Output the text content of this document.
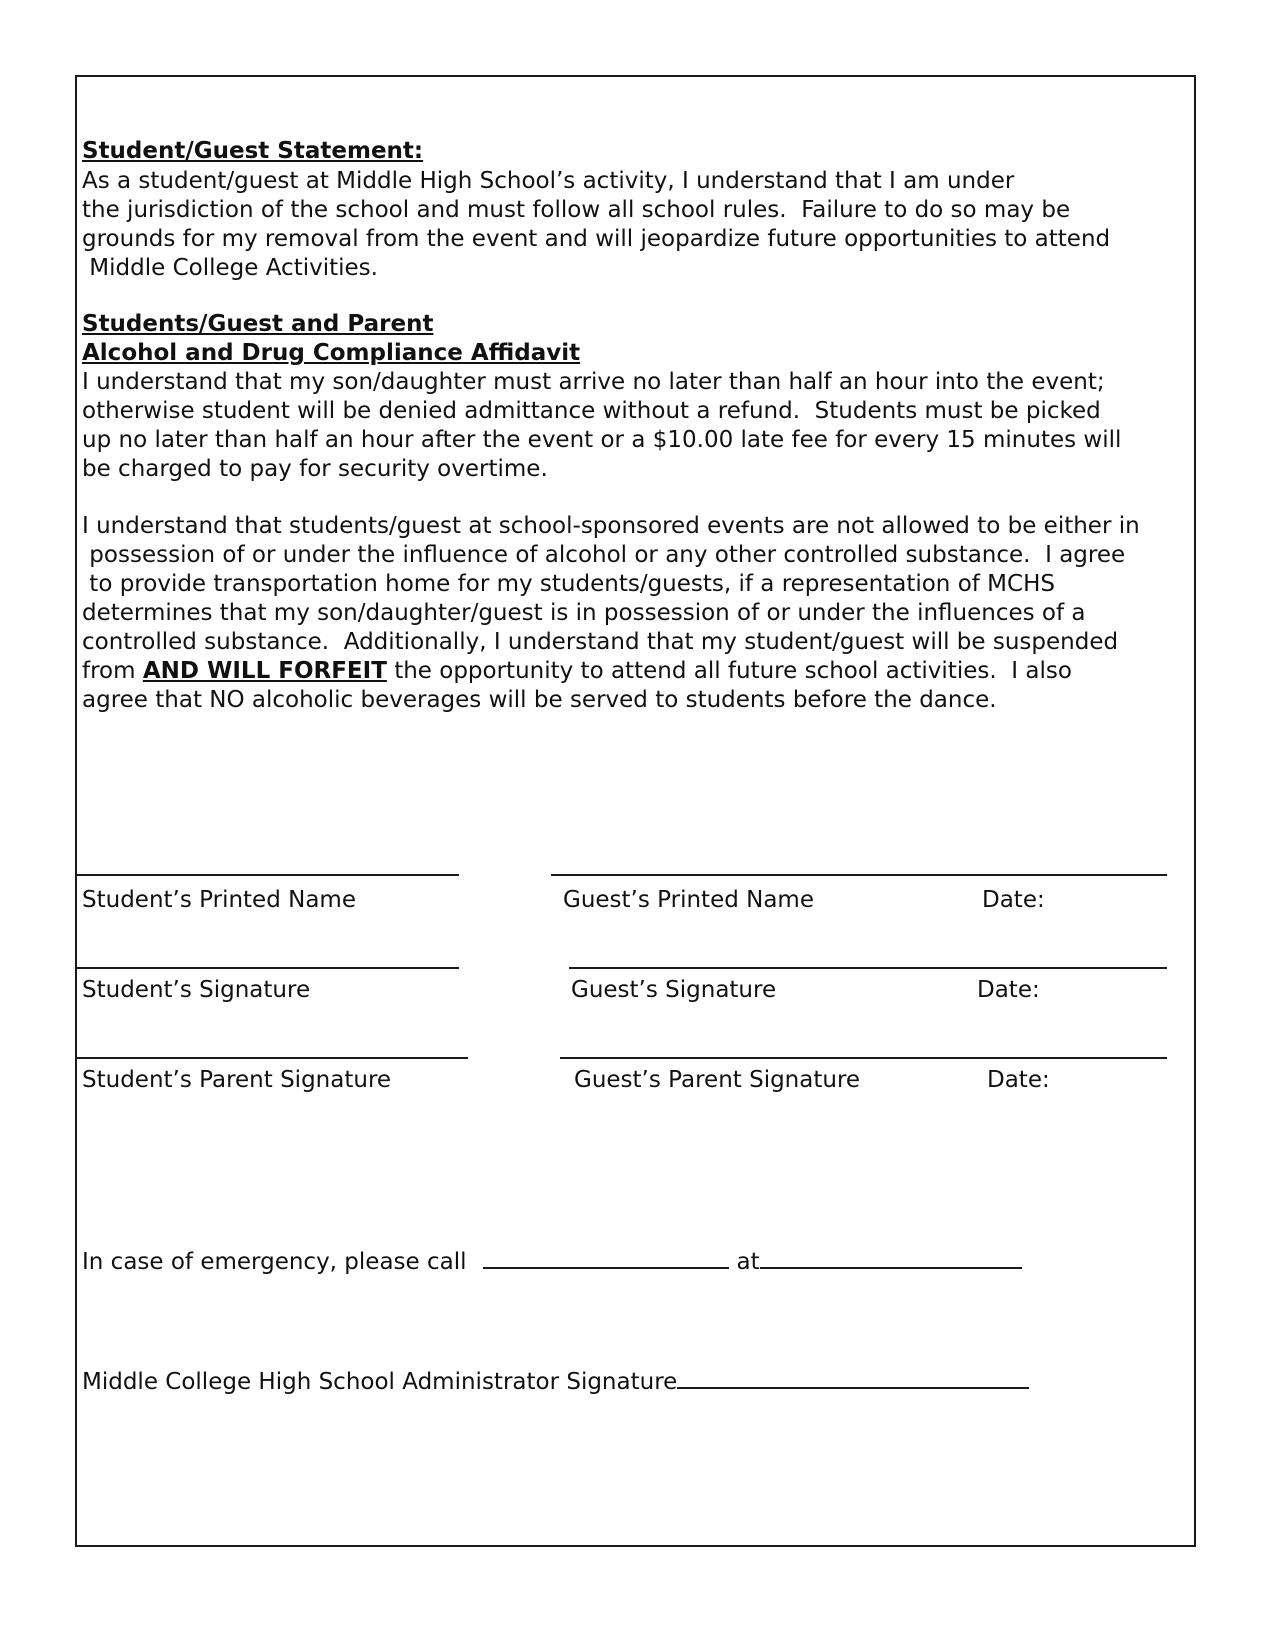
Student/Guest Statement:
As a student/guest at Middle High School’s activity, I understand that I am under
the jurisdiction of the school and must follow all school rules.  Failure to do so may be
grounds for my removal from the event and will jeopardize future opportunities to attend
Middle College Activities.
Students/Guest and Parent
Alcohol and Drug Compliance Affidavit
I understand that my son/daughter must arrive no later than half an hour into the event;
otherwise student will be denied admittance without a refund.  Students must be picked
up no later than half an hour after the event or a $10.00 late fee for every 15 minutes will
be charged to pay for security overtime.
I understand that students/guest at school-sponsored events are not allowed to be either in
possession of or under the influence of alcohol or any other controlled substance.  I agree
to provide transportation home for my students/guests, if a representation of MCHS
determines that my son/daughter/guest is in possession of or under the influences of a
controlled substance.  Additionally, I understand that my student/guest will be suspended
from AND WILL FORFEIT the opportunity to attend all future school activities.  I also
agree that NO alcoholic beverages will be served to students before the dance.
Student’s Printed Name	Guest’s Printed Name	Date:
Student’s Signature	Guest’s Signature	Date:
Student’s Parent Signature	Guest’s Parent Signature	Date:
In case of emergency, please call	at
Middle College High School Administrator Signature
